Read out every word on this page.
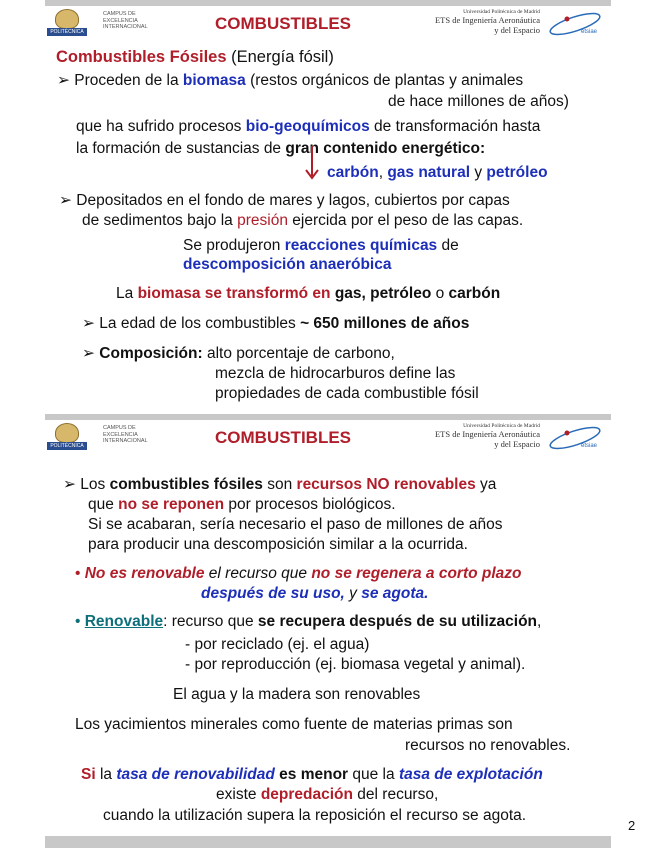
POLITÉCNICA
CAMPUS DE EXCELENCIA INTERNACIONAL	COMBUSTIBLES
Universidad Politécnica de Madrid
ETS de Ingeniería Aeronáutica
y del Espacio	etsiae
Combustibles Fósiles (Energía fósil)
➢ Proceden de la biomasa (restos orgánicos de plantas y animales
de hace millones de años)
que ha sufrido procesos bio-geoquímicos de transformación hasta
la formación de sustancias de gran contenido energético:
carbón, gas natural y petróleo
➢ Depositados en el fondo de mares y lagos, cubiertos por capas
de sedimentos bajo la presión ejercida por el peso de las capas.
Se produjeron reacciones químicas de
descomposición anaeróbica
La biomasa se transformó en gas, petróleo o carbón
➢ La edad de los combustibles ~ 650 millones de años
➢ Composición: alto porcentaje de carbono,
mezcla de hidrocarburos define las
propiedades de cada combustible fósil
POLITÉCNICA
CAMPUS DE EXCELENCIA INTERNACIONAL	COMBUSTIBLES
Universidad Politécnica de Madrid
ETS de Ingeniería Aeronáutica
y del Espacio	etsiae
➢ Los combustibles fósiles son recursos NO renovables ya
que no se reponen por procesos biológicos.
Si se acabaran, sería necesario el paso de millones de años
para producir una descomposición similar a la ocurrida.
• No es renovable el recurso que no se regenera a corto plazo
después de su uso, y se agota.
• Renovable: recurso que se recupera después de su utilización,
- por reciclado (ej. el agua)
- por reproducción (ej. biomasa vegetal y animal).
El agua y la madera son renovables
Los yacimientos minerales como fuente de materias primas son
recursos no renovables.
Si la tasa de renovabilidad es menor que la tasa de explotación
existe depredación del recurso,
cuando la utilización supera la reposición el recurso se agota.
2
